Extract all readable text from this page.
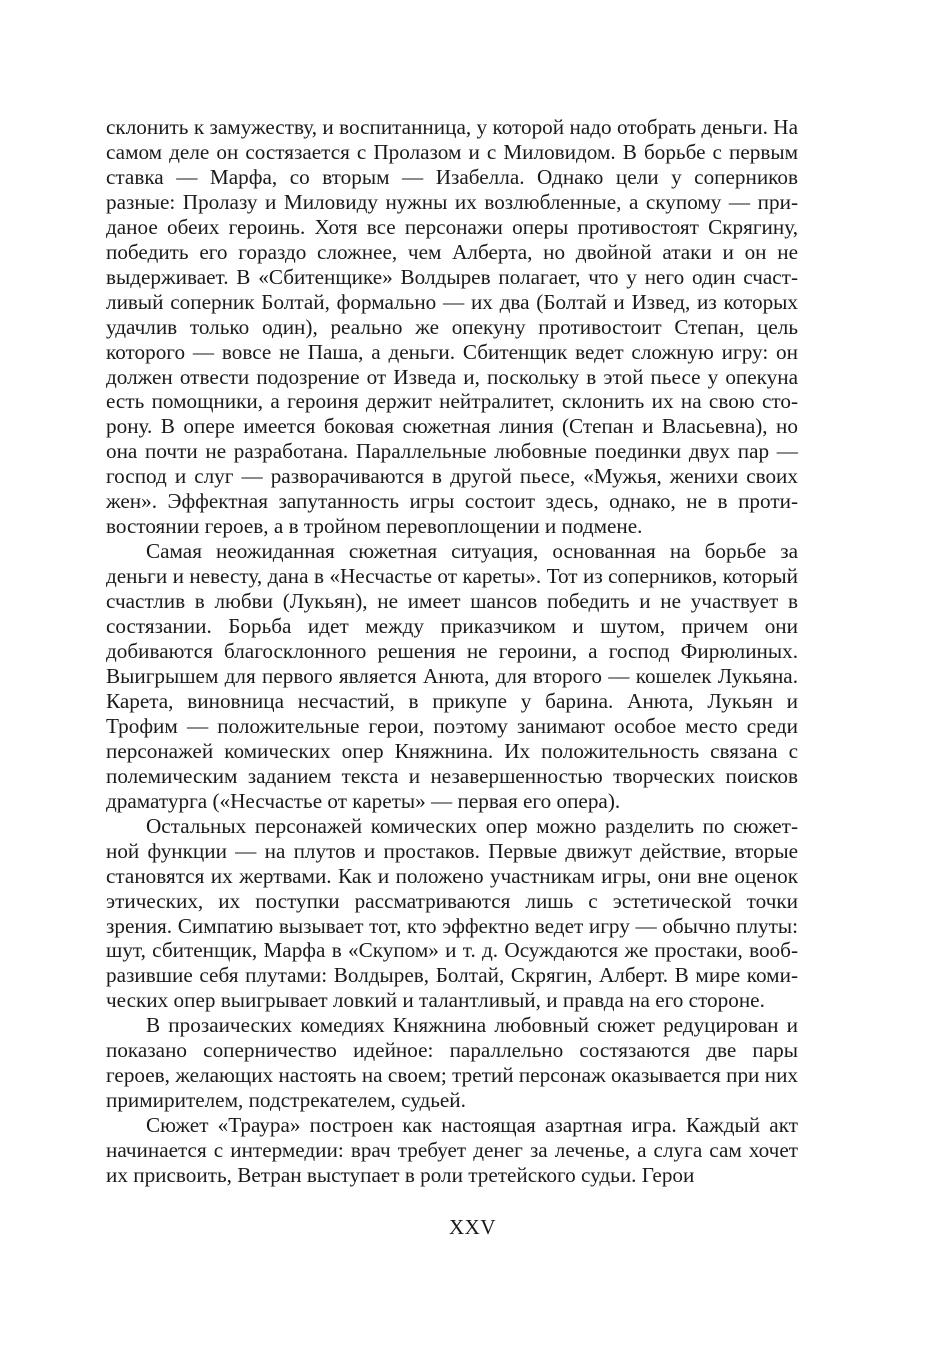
склонить к замужеству, и воспитанница, у которой надо отобрать деньги. На самом деле он состязается с Пролазом и с Миловидом. В борьбе с первым ставка — Марфа, со вторым — Изабелла. Однако цели у соперников разные: Пролазу и Миловиду нужны их возлюбленные, а скупому — приданое обеих героинь. Хотя все персонажи оперы противостоят Скрягину, победить его гораздо сложнее, чем Алберта, но двойной атаки и он не выдерживает. В «Сбитенщике» Волдырев полагает, что у него один счастливый соперник Болтай, формально — их два (Болтай и Извед, из которых удачлив только один), реально же опекуну противостоит Степан, цель которого — вовсе не Паша, а деньги. Сбитенщик ведет сложную игру: он должен отвести подозрение от Изведа и, поскольку в этой пьесе у опекуна есть помощники, а героиня держит нейтралитет, склонить их на свою сторону. В опере имеется боковая сюжетная линия (Степан и Власьевна), но она почти не разработана. Параллельные любовные поединки двух пар — господ и слуг — разворачиваются в другой пьесе, «Мужья, женихи своих жен». Эффектная запутанность игры состоит здесь, однако, не в противостоянии героев, а в тройном перевоплощении и подмене.

Самая неожиданная сюжетная ситуация, основанная на борьбе за деньги и невесту, дана в «Несчастье от кареты». Тот из соперников, который счастлив в любви (Лукьян), не имеет шансов победить и не участвует в состязании. Борьба идет между приказчиком и шутом, причем они добиваются благосклонного решения не героини, а господ Фирюлиных. Выигрышем для первого является Анюта, для второго — кошелек Лукьяна. Карета, виновница несчастий, в прикупе у барина. Анюта, Лукьян и Трофим — положительные герои, поэтому занимают особое место среди персонажей комических опер Княжнина. Их положительность связана с полемическим заданием текста и незавершенностью творческих поисков драматурга («Несчастье от кареты» — первая его опера).

Остальных персонажей комических опер можно разделить по сюжетной функции — на плутов и простаков. Первые движут действие, вторые становятся их жертвами. Как и положено участникам игры, они вне оценок этических, их поступки рассматриваются лишь с эстетической точки зрения. Симпатию вызывает тот, кто эффектно ведет игру — обычно плуты: шут, сбитенщик, Марфа в «Скупом» и т. д. Осуждаются же простаки, вообразившие себя плутами: Волдырев, Болтай, Скрягин, Алберт. В мире комических опер выигрывает ловкий и талантливый, и правда на его стороне.

В прозаических комедиях Княжнина любовный сюжет редуцирован и показано соперничество идейное: параллельно состязаются две пары героев, желающих настоять на своем; третий персонаж оказывается при них примирителем, подстрекателем, судьей.

Сюжет «Траура» построен как настоящая азартная игра. Каждый акт начинается с интермедии: врач требует денег за леченье, а слуга сам хочет их присвоить, Ветран выступает в роли третейского судьи. Герои

XXV
